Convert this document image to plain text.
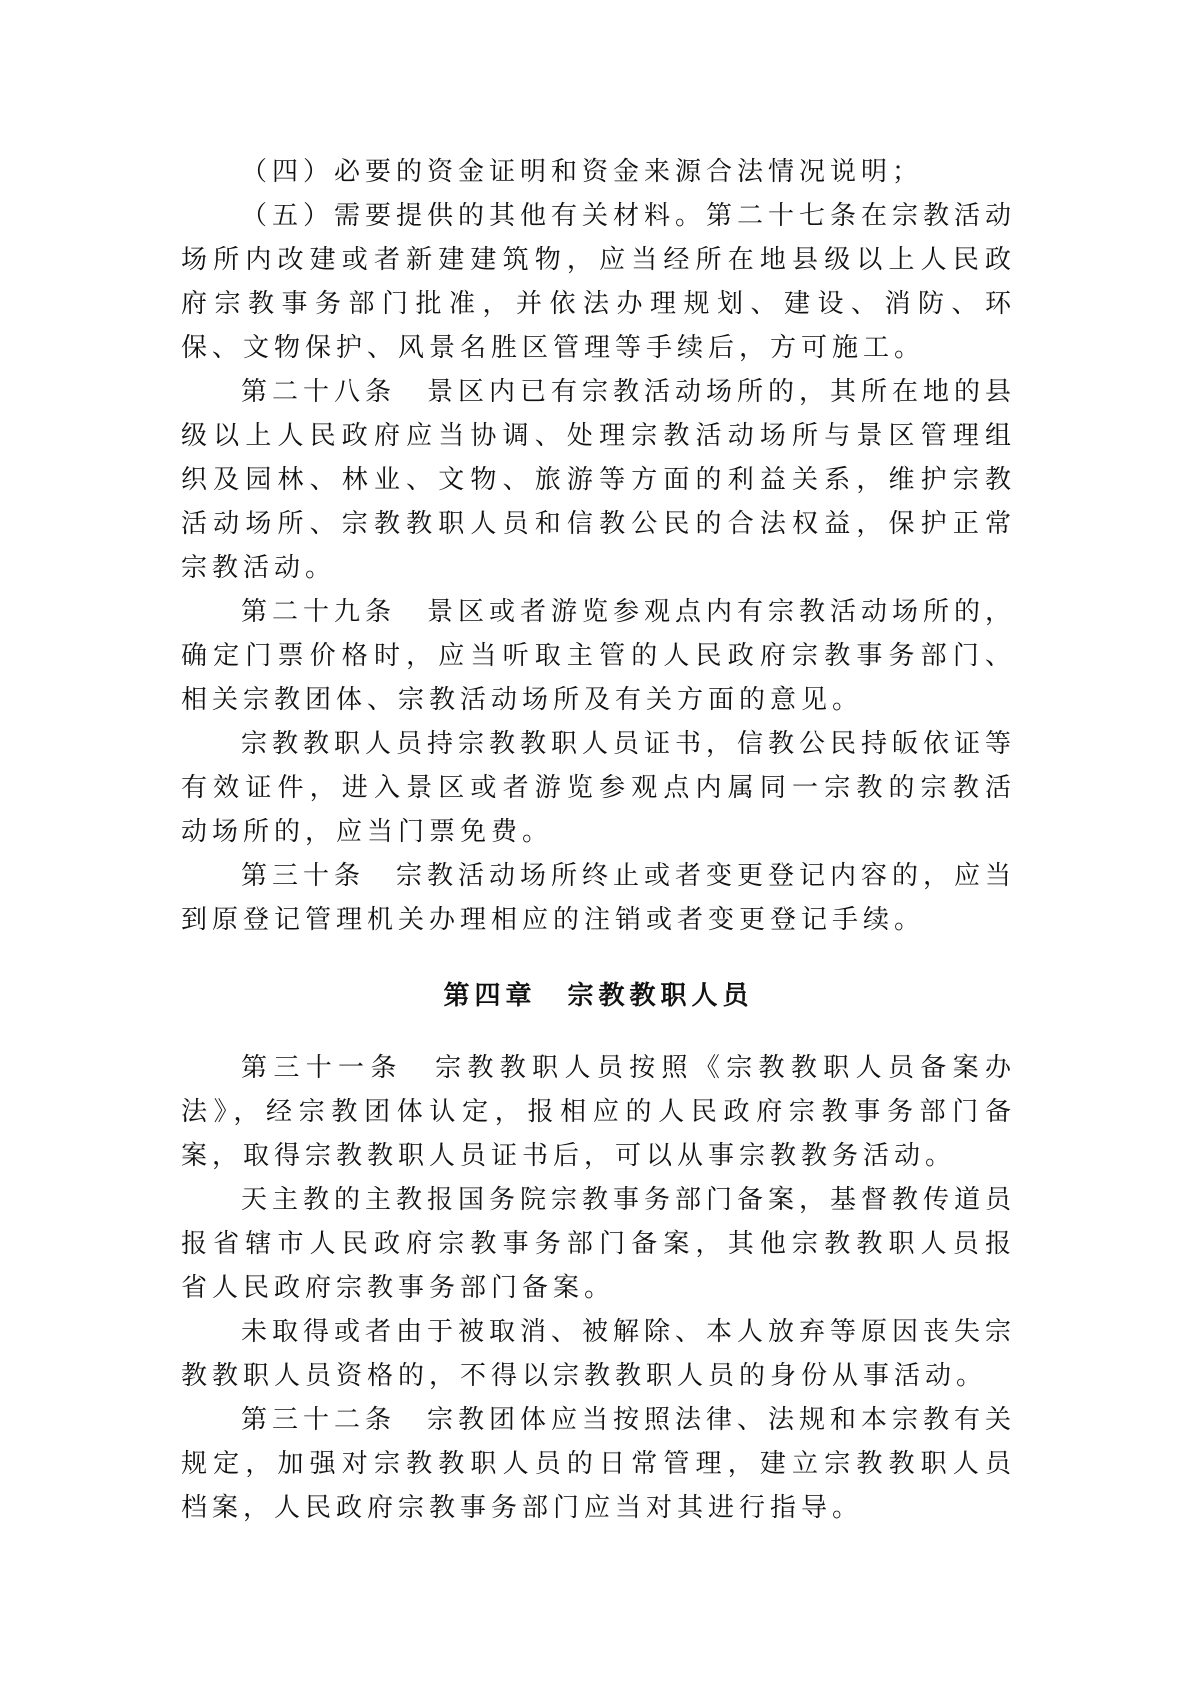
（四）必要的资金证明和资金来源合法情况说明；

（五）需要提供的其他有关材料。第二十七条在宗教活动场所内改建或者新建建筑物，应当经所在地县级以上人民政府宗教事务部门批准，并依法办理规划、建设、消防、环保、文物保护、风景名胜区管理等手续后，方可施工。

第二十八条　景区内已有宗教活动场所的，其所在地的县级以上人民政府应当协调、处理宗教活动场所与景区管理组织及园林、林业、文物、旅游等方面的利益关系，维护宗教活动场所、宗教教职人员和信教公民的合法权益，保护正常宗教活动。

第二十九条　景区或者游览参观点内有宗教活动场所的，确定门票价格时，应当听取主管的人民政府宗教事务部门、相关宗教团体、宗教活动场所及有关方面的意见。

宗教教职人员持宗教教职人员证书，信教公民持皈依证等有效证件，进入景区或者游览参观点内属同一宗教的宗教活动场所的，应当门票免费。

第三十条　宗教活动场所终止或者变更登记内容的，应当到原登记管理机关办理相应的注销或者变更登记手续。

第四章　宗教教职人员

第三十一条　宗教教职人员按照《宗教教职人员备案办法》，经宗教团体认定，报相应的人民政府宗教事务部门备案，取得宗教教职人员证书后，可以从事宗教教务活动。

天主教的主教报国务院宗教事务部门备案，基督教传道员报省辖市人民政府宗教事务部门备案，其他宗教教职人员报省人民政府宗教事务部门备案。

未取得或者由于被取消、被解除、本人放弃等原因丧失宗教教职人员资格的，不得以宗教教职人员的身份从事活动。

第三十二条　宗教团体应当按照法律、法规和本宗教有关规定，加强对宗教教职人员的日常管理，建立宗教教职人员档案，人民政府宗教事务部门应当对其进行指导。
